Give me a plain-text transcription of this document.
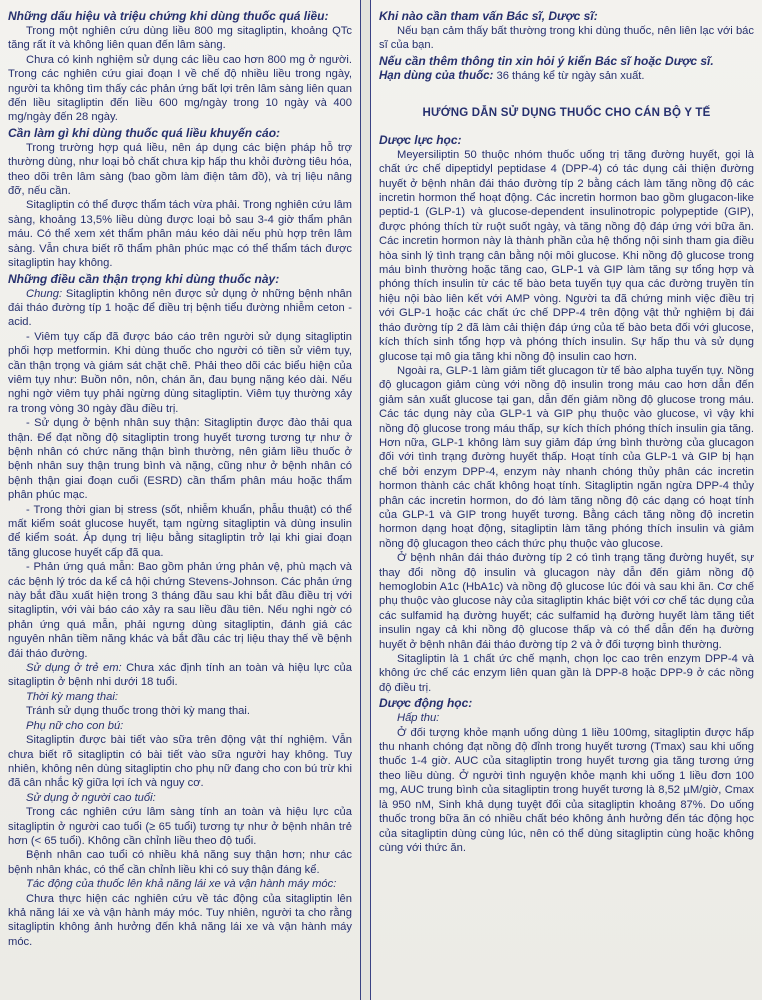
Những dấu hiệu và triệu chứng khi dùng thuốc quá liều:

Trong một nghiên cứu dùng liều 800 mg sitagliptin, khoảng QTc tăng rất ít và không liên quan đến lâm sàng.

Chưa có kinh nghiệm sử dụng các liều cao hơn 800 mg ở người. Trong các nghiên cứu giai đoạn I về chế độ nhiều liều trong ngày, người ta không tìm thấy các phản ứng bất lợi trên lâm sàng liên quan đến liều sitagliptin đến liều 600 mg/ngày trong 10 ngày và 400 mg/ngày đến 28 ngày.

Cần làm gì khi dùng thuốc quá liều khuyến cáo:

Trong trường hợp quá liều, nên áp dụng các biện pháp hỗ trợ thường dùng, như loại bỏ chất chưa kịp hấp thu khỏi đường tiêu hóa, theo dõi trên lâm sàng (bao gồm làm điện tâm đồ), và trị liệu nâng đỡ, nếu cần.

Sitagliptin có thể được thẩm tách vừa phải. Trong nghiên cứu lâm sàng, khoảng 13,5% liều dùng được loại bỏ sau 3-4 giờ thẩm phân máu. Có thể xem xét thẩm phân máu kéo dài nếu phù hợp trên lâm sàng. Vẫn chưa biết rõ thẩm phân phúc mạc có thể thẩm tách được sitagliptin hay không.

Những điều cần thận trọng khi dùng thuốc này:

Chung: Sitagliptin không nên được sử dụng ở những bệnh nhân đái tháo đường típ 1 hoặc để điều trị bệnh tiểu đường nhiễm ceton - acid.

- Viêm tụy cấp đã được báo cáo trên người sử dụng sitagliptin phối hợp metformin. Khi dùng thuốc cho người có tiền sử viêm tụy, cần thận trọng và giám sát chặt chẽ. Phải theo dõi các biểu hiện của viêm tụy như: Buồn nôn, nôn, chán ăn, đau bụng nặng kéo dài. Nếu nghi ngờ viêm tụy phải ngừng dùng sitagliptin. Viêm tụy thường xảy ra trong vòng 30 ngày đầu điều trị.

- Sử dụng ở bệnh nhân suy thận: Sitagliptin được đào thải qua thận. Để đạt nồng độ sitagliptin trong huyết tương tương tự như ở bệnh nhân có chức năng thận bình thường, nên giảm liều thuốc ở bệnh nhân suy thận trung bình và nặng, cũng như ở bệnh nhân có bệnh thận giai đoạn cuối (ESRD) cần thẩm phân máu hoặc thẩm phân phúc mạc.

- Trong thời gian bị stress (sốt, nhiễm khuẩn, phẫu thuật) có thể mất kiểm soát glucose huyết, tạm ngừng sitagliptin và dùng insulin để kiểm soát. Áp dụng trị liệu bằng sitagliptin trở lại khi giai đoạn tăng glucose huyết cấp đã qua.

- Phản ứng quá mẫn: Bao gồm phản ứng phản vệ, phù mạch và các bệnh lý tróc da kể cả hội chứng Stevens-Johnson. Các phản ứng này bắt đầu xuất hiện trong 3 tháng đầu sau khi bắt đầu điều trị với sitagliptin, với vài báo cáo xảy ra sau liều đầu tiên. Nếu nghi ngờ có phản ứng quá mẫn, phải ngưng dùng sitagliptin, đánh giá các nguyên nhân tiềm năng khác và bắt đầu các trị liệu thay thế về bệnh đái tháo đường.

Sử dụng ở trẻ em: Chưa xác định tính an toàn và hiệu lực của sitagliptin ở bệnh nhi dưới 18 tuổi.

Thời kỳ mang thai:

Tránh sử dụng thuốc trong thời kỳ mang thai.

Phụ nữ cho con bú:

Sitagliptin được bài tiết vào sữa trên động vật thí nghiệm. Vẫn chưa biết rõ sitagliptin có bài tiết vào sữa người hay không. Tuy nhiên, không nên dùng sitagliptin cho phụ nữ đang cho con bú trừ khi đã cân nhắc kỹ giữa lợi ích và nguy cơ.

Sử dụng ở người cao tuổi:

Trong các nghiên cứu lâm sàng tính an toàn và hiệu lực của sitagliptin ở người cao tuổi (≥ 65 tuổi) tương tự như ở bệnh nhân trẻ hơn (< 65 tuổi). Không cần chỉnh liều theo độ tuổi.

Bệnh nhân cao tuổi có nhiều khả năng suy thận hơn; như các bệnh nhân khác, có thể cần chỉnh liều khi có suy thận đáng kể.

Tác động của thuốc lên khả năng lái xe và vận hành máy móc:

Chưa thực hiện các nghiên cứu về tác động của sitagliptin lên khả năng lái xe và vận hành máy móc. Tuy nhiên, người ta cho rằng sitagliptin không ảnh hưởng đến khả năng lái xe và vận hành máy móc.

Khi nào cần tham vấn Bác sĩ, Dược sĩ:

Nếu bạn cảm thấy bất thường trong khi dùng thuốc, nên liên lạc với bác sĩ của bạn.

Nếu cần thêm thông tin xin hỏi ý kiến Bác sĩ hoặc Dược sĩ.

Hạn dùng của thuốc: 36 tháng kể từ ngày sản xuất.

HƯỚNG DẪN SỬ DỤNG THUỐC CHO CÁN BỘ Y TẾ
Dược lực học:

Meyersiliptin 50 thuộc nhóm thuốc uống trị tăng đường huyết, gọi là chất ức chế dipeptidyl peptidase 4 (DPP-4) có tác dụng cải thiện đường huyết ở bệnh nhân đái tháo đường típ 2 bằng cách làm tăng nồng độ các incretin hormon thể hoạt động. Các incretin hormon bao gồm glugacon-like peptid-1 (GLP-1) và glucose-dependent insulinotropic polypeptide (GIP), được phóng thích từ ruột suốt ngày, và tăng nồng độ đáp ứng với bữa ăn. Các incretin hormon này là thành phần của hệ thống nội sinh tham gia điều hòa sinh lý tình trạng cân bằng nội môi glucose. Khi nồng độ glucose trong máu bình thường hoặc tăng cao, GLP-1 và GIP làm tăng sự tổng hợp và phóng thích insulin từ các tế bào beta tuyến tụy qua các đường truyền tín hiệu nội bào liên kết với AMP vòng. Người ta đã chứng minh việc điều trị với GLP-1 hoặc các chất ức chế DPP-4 trên động vật thử nghiệm bị đái tháo đường típ 2 đã làm cải thiện đáp ứng của tế bào beta đối với glucose, kích thích sinh tổng hợp và phóng thích insulin. Sự hấp thu và sử dụng glucose tại mô gia tăng khi nồng độ insulin cao hơn.

Ngoài ra, GLP-1 làm giảm tiết glucagon từ tế bào alpha tuyến tụy. Nồng độ glucagon giảm cùng với nồng độ insulin trong máu cao hơn dẫn đến giảm sản xuất glucose tại gan, dẫn đến giảm nồng độ glucose trong máu. Các tác dụng này của GLP-1 và GIP phụ thuộc vào glucose, vì vậy khi nồng độ glucose trong máu thấp, sự kích thích phóng thích insulin gia tăng. Hơn nữa, GLP-1 không làm suy giảm đáp ứng bình thường của glucagon đối với tình trạng đường huyết thấp. Hoạt tính của GLP-1 và GIP bị hạn chế bởi enzym DPP-4, enzym này nhanh chóng thủy phân các incretin hormon thành các chất không hoạt tính. Sitagliptin ngăn ngừa DPP-4 thủy phân các incretin hormon, do đó làm tăng nồng độ các dạng có hoạt tính của GLP-1 và GIP trong huyết tương. Bằng cách tăng nồng độ incretin hormon dạng hoạt động, sitagliptin làm tăng phóng thích insulin và giảm nồng độ glucagon theo cách thức phụ thuộc vào glucose.

Ở bệnh nhân đái tháo đường típ 2 có tình trạng tăng đường huyết, sự thay đổi nồng độ insulin và glucagon này dẫn đến giảm nồng độ hemoglobin A1c (HbA1c) và nồng độ glucose lúc đói và sau khi ăn. Cơ chế phụ thuộc vào glucose này của sitagliptin khác biệt với cơ chế tác dụng của các sulfamid hạ đường huyết; các sulfamid hạ đường huyết làm tăng tiết insulin ngay cả khi nồng độ glucose thấp và có thể dẫn đến hạ đường huyết ở bệnh nhân đái tháo đường típ 2 và ở đối tượng bình thường.

Sitagliptin là 1 chất ức chế mạnh, chọn lọc cao trên enzym DPP-4 và không ức chế các enzym liên quan gần là DPP-8 hoặc DPP-9 ở các nồng độ điều trị.

Dược động học:

Hấp thu:

Ở đối tượng khỏe mạnh uống dùng 1 liều 100mg, sitagliptin được hấp thu nhanh chóng đạt nồng độ đỉnh trong huyết tương (Tmax) sau khi uống thuốc 1-4 giờ. AUC của sitagliptin trong huyết tương gia tăng tương ứng theo liều dùng. Ở người tình nguyện khỏe mạnh khi uống 1 liều đơn 100 mg, AUC trung bình của sitagliptin trong huyết tương là 8,52 µM/giờ, Cmax là 950 nM, Sinh khả dụng tuyệt đối của sitagliptin khoảng 87%. Do uống thuốc trong bữa ăn có nhiều chất béo không ảnh hưởng đến tác động học của sitagliptin dùng cùng lúc, nên có thể dùng sitagliptin cùng hoặc không cùng với thức ăn.
